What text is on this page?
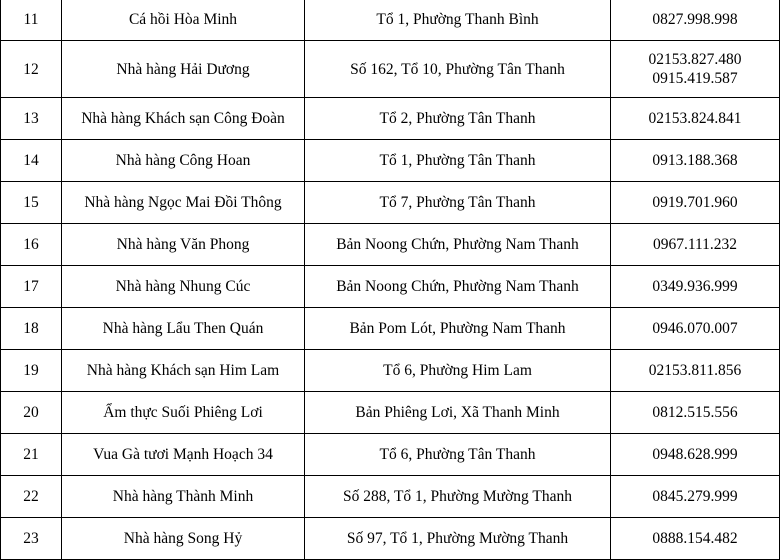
11	Cá hồi Hòa Minh	Tổ 1, Phường Thanh Bình	0827.998.998

12	Nhà hàng Hải Dương	Số 162, Tổ 10, Phường Tân Thanh	02153.827.480
0915.419.587

13	Nhà hàng Khách sạn Công Đoàn	Tổ 2, Phường Tân Thanh	02153.824.841

14	Nhà hàng Công Hoan	Tổ 1, Phường Tân Thanh	0913.188.368

15	Nhà hàng Ngọc Mai Đồi Thông	Tổ 7, Phường Tân Thanh	0919.701.960

16	Nhà hàng Văn Phong	Bản Noong Chứn, Phường Nam Thanh	0967.111.232

17	Nhà hàng Nhung Cúc	Bản Noong Chứn, Phường Nam Thanh	0349.936.999

18	Nhà hàng Lẩu Then Quán	Bản Pom Lót, Phường Nam Thanh	0946.070.007

19	Nhà hàng Khách sạn Him Lam	Tổ 6, Phường Him Lam	02153.811.856

20	Ẩm thực Suối Phiêng Lơi	Bản Phiêng Lơi, Xã Thanh Minh	0812.515.556

21	Vua Gà tươi Mạnh Hoạch 34	Tổ 6, Phường Tân Thanh	0948.628.999

22	Nhà hàng Thành Minh	Số 288, Tổ 1, Phường Mường Thanh	0845.279.999

23	Nhà hàng Song Hỷ	Số 97, Tổ 1, Phường Mường Thanh	0888.154.482
